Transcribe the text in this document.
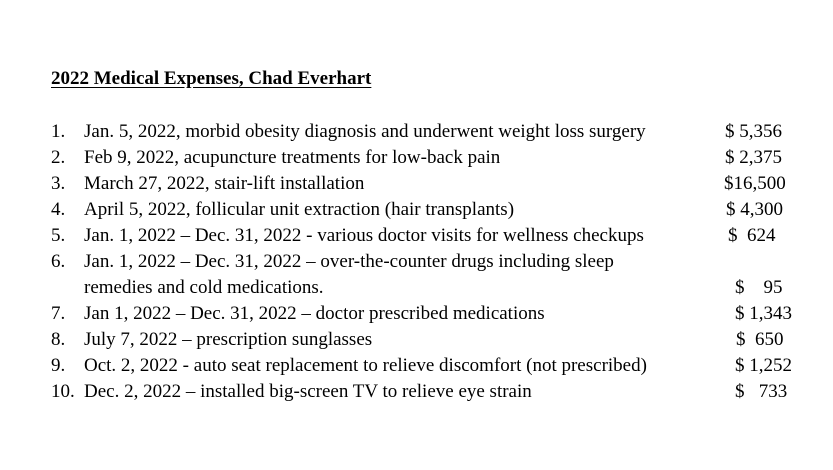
2022 Medical Expenses, Chad Everhart
1. Jan. 5, 2022, morbid obesity diagnosis and underwent weight loss surgery	$ 5,356
2. Feb 9, 2022, acupuncture treatments for low-back pain	$ 2,375
3. March 27, 2022, stair-lift installation	$16,500
4. April 5, 2022, follicular unit extraction (hair transplants)	$ 4,300
5. Jan. 1, 2022 – Dec. 31, 2022 - various doctor visits for wellness checkups	$  624
6. Jan. 1, 2022 – Dec. 31, 2022 – over-the-counter drugs including sleep
remedies and cold medications.	$    95
7. Jan 1, 2022 – Dec. 31, 2022 – doctor prescribed medications	$ 1,343
8. July 7, 2022 – prescription sunglasses	$  650
9. Oct. 2, 2022 - auto seat replacement to relieve discomfort (not prescribed)	$ 1,252
10. Dec. 2, 2022 – installed big-screen TV to relieve eye strain	$   733
